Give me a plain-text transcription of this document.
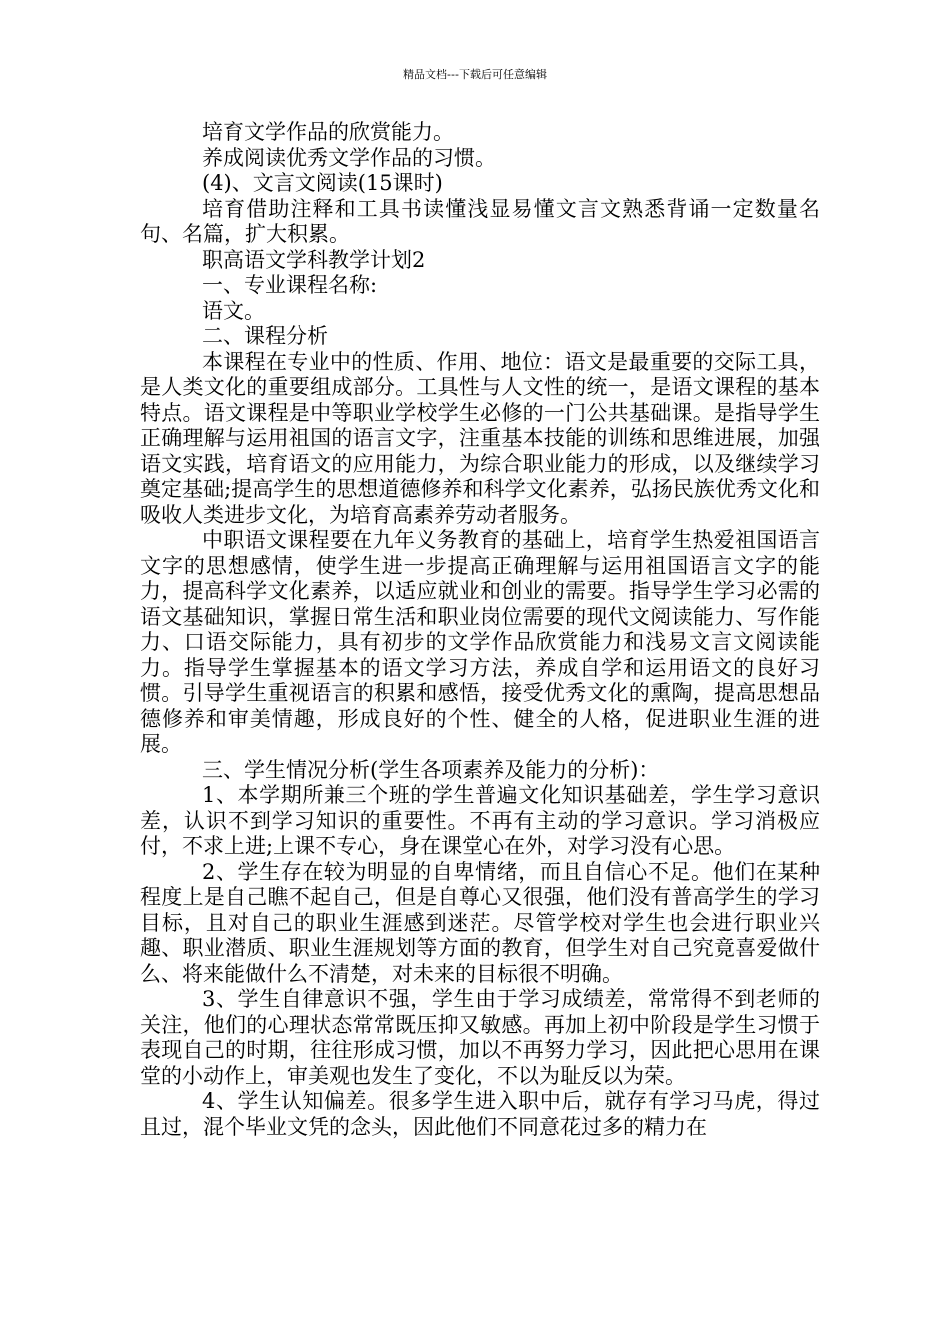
精品文档---下载后可任意编辑

培育文学作品的欣赏能力。

养成阅读优秀文学作品的习惯。

(4)、文言文阅读(15课时)

培育借助注释和工具书读懂浅显易懂文言文熟悉背诵一定数量名句、名篇，扩大积累。

职高语文学科教学计划2

一、专业课程名称:

语文。

二、课程分析

本课程在专业中的性质、作用、地位：语文是最重要的交际工具，是人类文化的重要组成部分。工具性与人文性的统一，是语文课程的基本特点。语文课程是中等职业学校学生必修的一门公共基础课。是指导学生正确理解与运用祖国的语言文字，注重基本技能的训练和思维进展，加强语文实践，培育语文的应用能力，为综合职业能力的形成，以及继续学习奠定基础;提高学生的思想道德修养和科学文化素养，弘扬民族优秀文化和吸收人类进步文化，为培育高素养劳动者服务。

中职语文课程要在九年义务教育的基础上，培育学生热爱祖国语言文字的思想感情，使学生进一步提高正确理解与运用祖国语言文字的能力，提高科学文化素养，以适应就业和创业的需要。指导学生学习必需的语文基础知识，掌握日常生活和职业岗位需要的现代文阅读能力、写作能力、口语交际能力，具有初步的文学作品欣赏能力和浅易文言文阅读能力。指导学生掌握基本的语文学习方法，养成自学和运用语文的良好习惯。引导学生重视语言的积累和感悟，接受优秀文化的熏陶，提高思想品德修养和审美情趣，形成良好的个性、健全的人格，促进职业生涯的进展。

三、学生情况分析(学生各项素养及能力的分析)：

1、本学期所兼三个班的学生普遍文化知识基础差，学生学习意识差，认识不到学习知识的重要性。不再有主动的学习意识。学习消极应付，不求上进;上课不专心，身在课堂心在外，对学习没有心思。

2、学生存在较为明显的自卑情绪，而且自信心不足。他们在某种程度上是自己瞧不起自己，但是自尊心又很强，他们没有普高学生的学习目标，且对自己的职业生涯感到迷茫。尽管学校对学生也会进行职业兴趣、职业潜质、职业生涯规划等方面的教育，但学生对自己究竟喜爱做什么、将来能做什么不清楚，对未来的目标很不明确。

3、学生自律意识不强，学生由于学习成绩差，常常得不到老师的关注，他们的心理状态常常既压抑又敏感。再加上初中阶段是学生习惯于表现自己的时期，往往形成习惯，加以不再努力学习，因此把心思用在课堂的小动作上，审美观也发生了变化，不以为耻反以为荣。

4、学生认知偏差。很多学生进入职中后，就存有学习马虎，得过且过，混个毕业文凭的念头，因此他们不同意花过多的精力在
